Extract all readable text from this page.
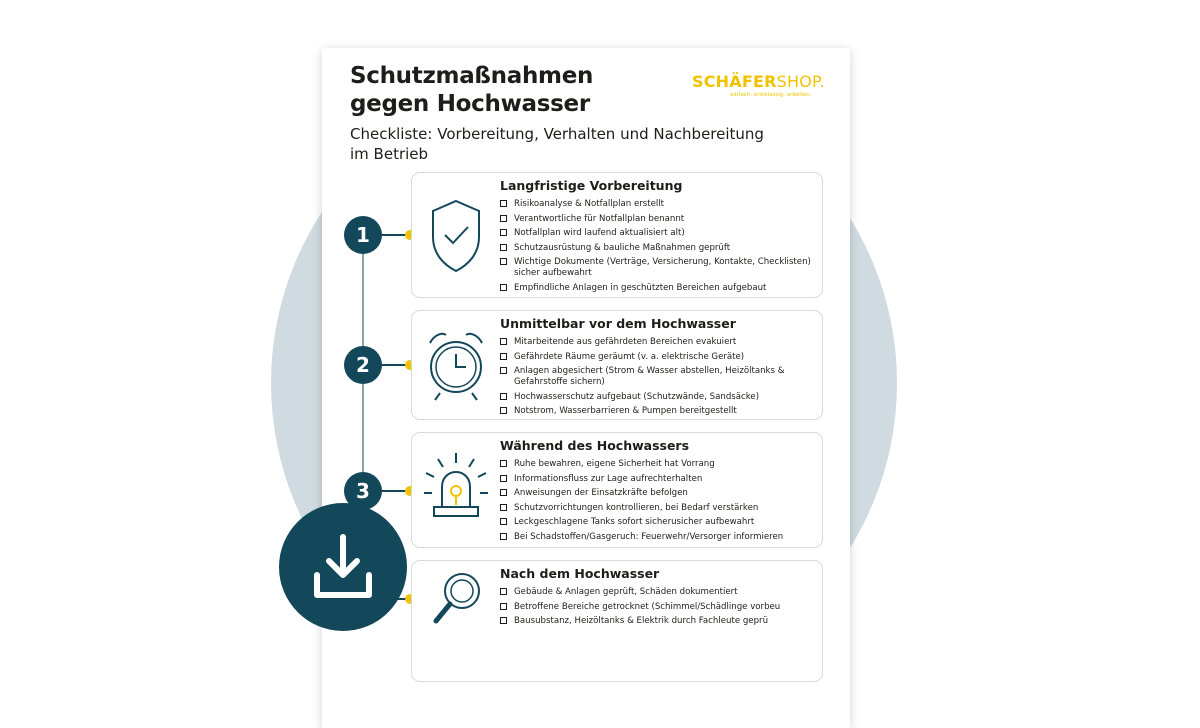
Schutzmaßnahmen
gegen Hochwasser
Checkliste: Vorbereitung, Verhalten und Nachbereitung
im Betrieb
SCHÄFERSHOP.
einfach. erstklassig. arbeiten.
1
Langfristige Vorbereitung
Risikoanalyse & Notfallplan erstellt
Verantwortliche für Notfallplan benannt
Notfallplan wird laufend aktualisiert alt)
Schutzausrüstung & bauliche Maßnahmen geprüft
Wichtige Dokumente (Verträge, Versicherung, Kontakte, Checklisten) sicher aufbewahrt
Empfindliche Anlagen in geschützten Bereichen aufgebaut
2
Unmittelbar vor dem Hochwasser
Mitarbeitende aus gefährdeten Bereichen evakuiert
Gefährdete Räume geräumt (v. a. elektrische Geräte)
Anlagen abgesichert (Strom & Wasser abstellen, Heizöltanks & Gefahrstoffe sichern)
Hochwasserschutz aufgebaut (Schutzwände, Sandsäcke)
Notstrom, Wasserbarrieren & Pumpen bereitgestellt
3
Während des Hochwassers
Ruhe bewahren, eigene Sicherheit hat Vorrang
Informationsfluss zur Lage aufrechterhalten
Anweisungen der Einsatzkräfte befolgen
Schutzvorrichtungen kontrollieren, bei Bedarf verstärken
Leckgeschlagene Tanks sofort sicherusicher aufbewahrt
Bei Schadstoffen/Gasgeruch: Feuerwehr/Versorger informieren
Nach dem Hochwasser
Gebäude & Anlagen geprüft, Schäden dokumentiert
Betroffene Bereiche getrocknet (Schimmel/Schädlinge vorbeu
Bausubstanz, Heizöltanks & Elektrik durch Fachleute geprü
